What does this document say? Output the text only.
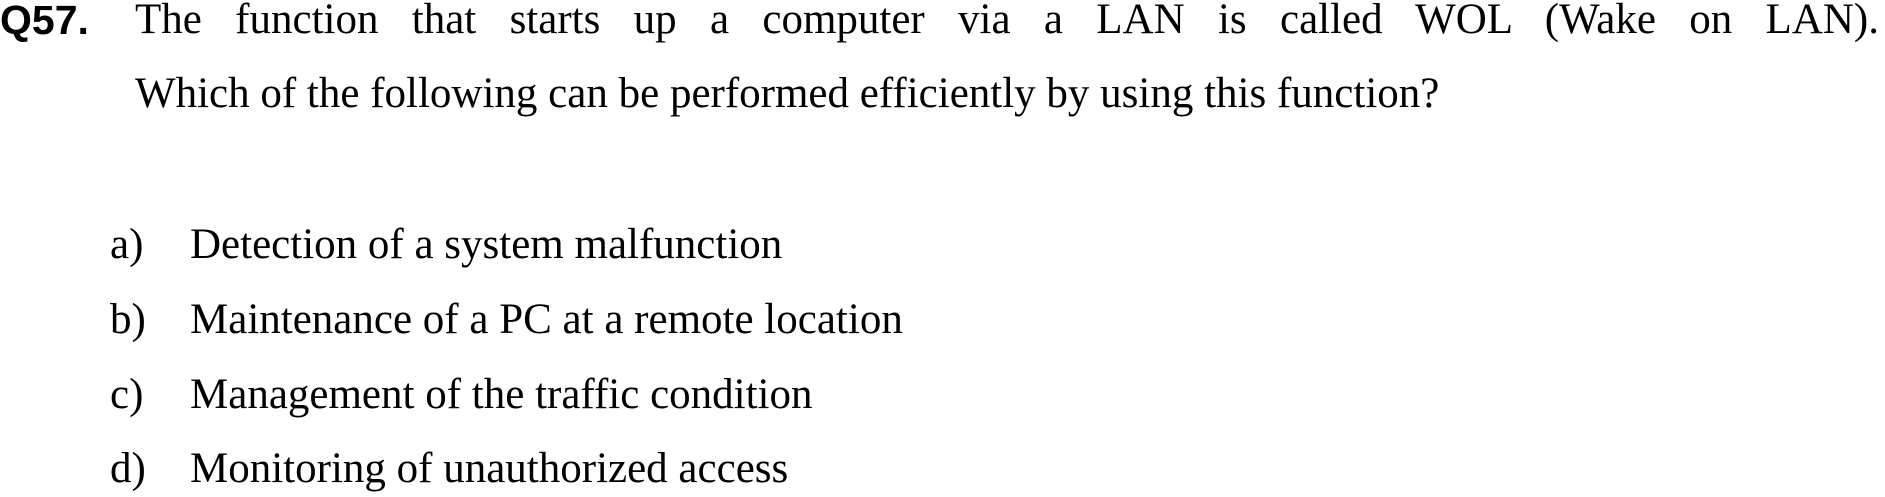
Q57. The function that starts up a computer via a LAN is called WOL (Wake on LAN).
Which of the following can be performed efficiently by using this function?
a) Detection of a system malfunction
b) Maintenance of a PC at a remote location
c) Management of the traffic condition
d) Monitoring of unauthorized access
